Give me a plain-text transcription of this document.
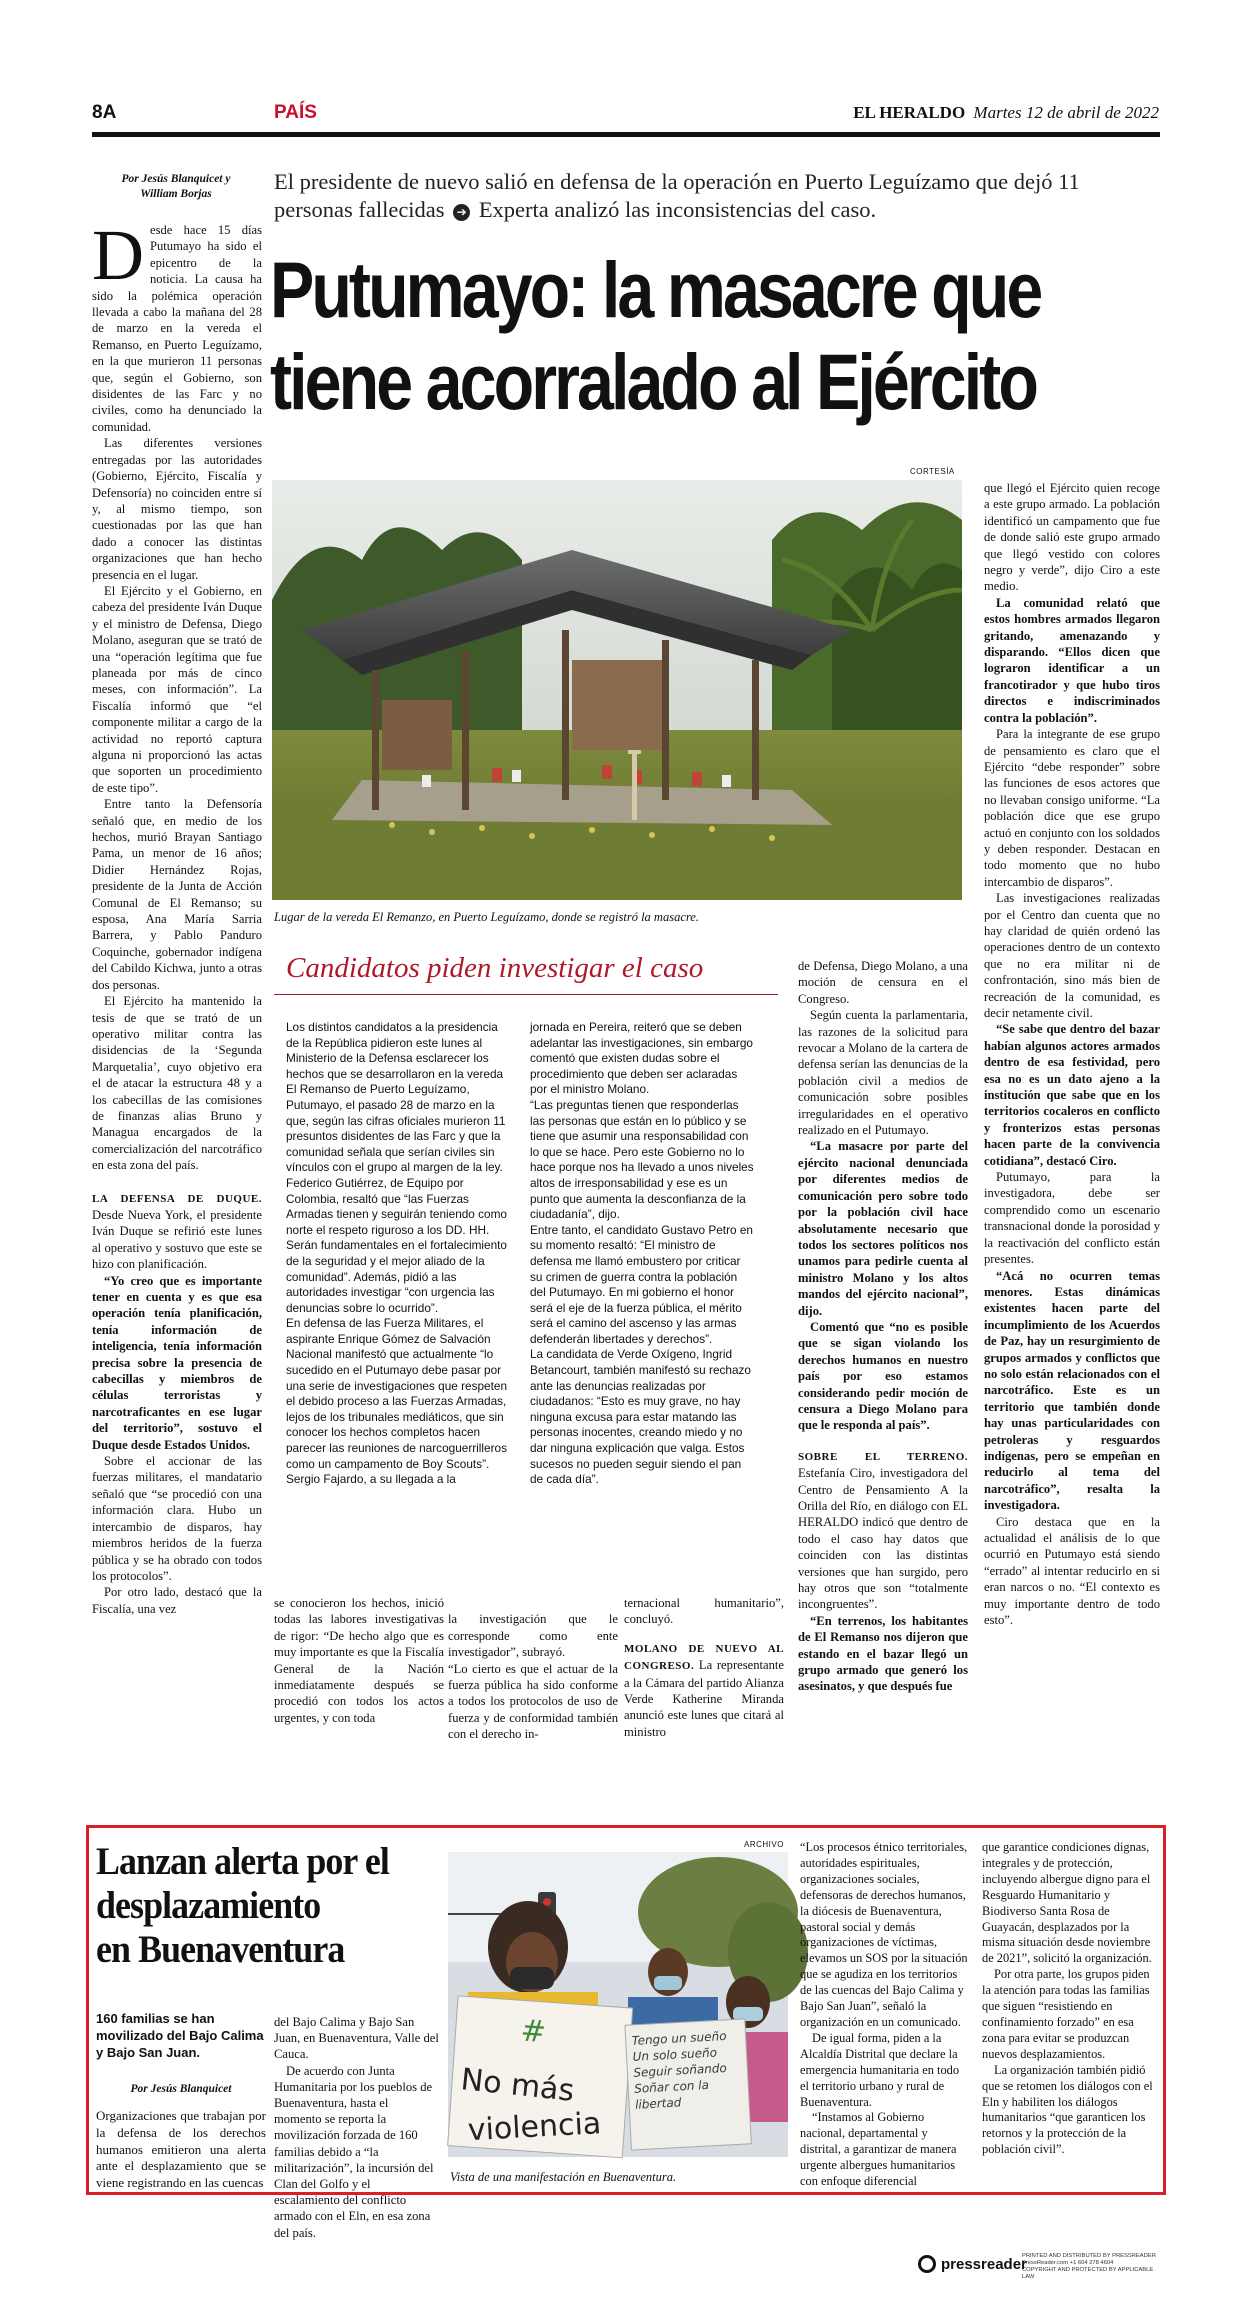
8A	PAÍS	EL HERALDO Martes 12 de abril de 2022
Por Jesús Blanquicet y
William Borjas

Desde hace 15 días Putumayo ha sido el epicentro de la noticia. La causa ha sido la polémica operación llevada a cabo la mañana del 28 de marzo en la vereda el Remanso, en Puerto Leguízamo, en la que murieron 11 personas que, según el Gobierno, son disidentes de las Farc y no civiles, como ha denunciado la comunidad.

Las diferentes versiones entregadas por las autoridades (Gobierno, Ejército, Fiscalía y Defensoría) no coinciden entre sí y, al mismo tiempo, son cuestionadas por las que han dado a conocer las distintas organizaciones que han hecho presencia en el lugar.

El Ejército y el Gobierno, en cabeza del presidente Iván Duque y el ministro de Defensa, Diego Molano, aseguran que se trató de una “operación legítima que fue planeada por más de cinco meses, con información”. La Fiscalía informó que “el componente militar a cargo de la actividad no reportó captura alguna ni proporcionó las actas que soporten un procedimiento de este tipo”.

Entre tanto la Defensoría señaló que, en medio de los hechos, murió Brayan Santiago Pama, un menor de 16 años; Didier Hernández Rojas, presidente de la Junta de Acción Comunal de El Remanso; su esposa, Ana María Sarria Barrera, y Pablo Panduro Coquinche, gobernador indígena del Cabildo Kichwa, junto a otras dos personas.

El Ejército ha mantenido la tesis de que se trató de un operativo militar contra las disidencias de la ‘Segunda Marquetalia’, cuyo objetivo era el de atacar la estructura 48 y a los cabecillas de las comisiones de finanzas alias Bruno y Managua encargados de la comercialización del narcotráfico en esta zona del país.

LA DEFENSA DE DUQUE. Desde Nueva York, el presidente Iván Duque se refirió este lunes al operativo y sostuvo que este se hizo con planificación.

“Yo creo que es importante tener en cuenta y es que esa operación tenía planificación, tenía información de inteligencia, tenía información precisa sobre la presencia de cabecillas y miembros de células terroristas y narcotraficantes en ese lugar del territorio”, sostuvo el Duque desde Estados Unidos.

Sobre el accionar de las fuerzas militares, el mandatario señaló que “se procedió con una información clara. Hubo un intercambio de disparos, hay miembros heridos de la fuerza pública y se ha obrado con todos los protocolos”.

Por otro lado, destacó que la Fiscalía, una vez

El presidente de nuevo salió en defensa de la operación en Puerto Leguízamo que dejó 11 personas fallecidas ➔ Experta analizó las inconsistencias del caso.
Putumayo: la masacre que
tiene acorralado al Ejército
CORTESÍA
Lugar de la vereda El Remanzo, en Puerto Leguízamo, donde se registró la masacre.
Candidatos piden investigar el caso

Los distintos candidatos a la presidencia de la República pidieron este lunes al Ministerio de la Defensa esclarecer los hechos que se desarrollaron en la vereda El Remanso de Puerto Leguízamo, Putumayo, el pasado 28 de marzo en la que, según las cifras oficiales murieron 11 presuntos disidentes de las Farc y que la comunidad señala que serían civiles sin vínculos con el grupo al margen de la ley.

Federico Gutiérrez, de Equipo por Colombia, resaltó que “las Fuerzas Armadas tienen y seguirán teniendo como norte el respeto riguroso a los DD. HH. Serán fundamentales en el fortalecimiento de la seguridad y el mejor aliado de la comunidad”. Además, pidió a las autoridades investigar “con urgencia las denuncias sobre lo ocurrido”.

En defensa de las Fuerza Militares, el aspirante Enrique Gómez de Salvación Nacional manifestó que actualmente “lo sucedido en el Putumayo debe pasar por una serie de investigaciones que respeten el debido proceso a las Fuerzas Armadas, lejos de los tribunales mediáticos, que sin conocer los hechos completos hacen parecer las reuniones de narcoguerrilleros como un campamento de Boy Scouts”.

Sergio Fajardo, a su llegada a la

jornada en Pereira, reiteró que se deben adelantar las investigaciones, sin embargo comentó que existen dudas sobre el procedimiento que deben ser aclaradas por el ministro Molano.

“Las preguntas tienen que responderlas las personas que están en lo público y se tiene que asumir una responsabilidad con lo que se hace. Pero este Gobierno no lo hace porque nos ha llevado a unos niveles altos de irresponsabilidad y ese es un punto que aumenta la desconfianza de la ciudadanía”, dijo.

Entre tanto, el candidato Gustavo Petro en su momento resaltó: “El ministro de defensa me llamó embustero por criticar su crimen de guerra contra la población del Putumayo. En mi gobierno el honor será el eje de la fuerza pública, el mérito será el camino del ascenso y las armas defenderán libertades y derechos”.

La candidata de Verde Oxígeno, Ingrid Betancourt, también manifestó su rechazo ante las denuncias realizadas por ciudadanos: “Esto es muy grave, no hay ninguna excusa para estar matando las personas inocentes, creando miedo y no dar ninguna explicación que valga. Estos sucesos no pueden seguir siendo el pan de cada día”.

se conocieron los hechos, inició todas las labores investigativas de rigor: “De hecho algo que es muy importante es que la Fiscalía General de la Nación inmediatamente después se procedió con todos los actos urgentes, y con toda

la investigación que le corresponde como ente investigador”, subrayó.
“Lo cierto es que el actuar de la fuerza pública ha sido conforme a todos los protocolos de uso de fuerza y de conformidad también con el derecho in-

ternacional humanitario”, concluyó.

MOLANO DE NUEVO AL CONGRESO. La representante a la Cámara del partido Alianza Verde Katherine Miranda anunció este lunes que citará al ministro

de Defensa, Diego Molano, a una moción de censura en el Congreso.

Según cuenta la parlamentaria, las razones de la solicitud para revocar a Molano de la cartera de defensa serían las denuncias de la población civil a medios de comunicación sobre posibles irregularidades en el operativo realizado en el Putumayo.

“La masacre por parte del ejército nacional denunciada por diferentes medios de comunicación pero sobre todo por la población civil hace absolutamente necesario que todos los sectores políticos nos unamos para pedirle cuenta al ministro Molano y los altos mandos del ejército nacional”, dijo.

Comentó que “no es posible que se sigan violando los derechos humanos en nuestro país por eso estamos considerando pedir moción de censura a Diego Molano para que le responda al país”.

SOBRE EL TERRENO. Estefanía Ciro, investigadora del Centro de Pensamiento A la Orilla del Río, en diálogo con EL HERALDO indicó que dentro de todo el caso hay datos que coinciden con las distintas versiones que han surgido, pero hay otros que son “totalmente incongruentes”.

“En terrenos, los habitantes de El Remanso nos dijeron que estando en el bazar llegó un grupo armado que generó los asesinatos, y que después fue

que llegó el Ejército quien recoge a este grupo armado. La población identificó un campamento que fue de donde salió este grupo armado que llegó vestido con colores negro y verde”, dijo Ciro a este medio.

La comunidad relató que estos hombres armados llegaron gritando, amenazando y disparando. “Ellos dicen que lograron identificar a un francotirador y que hubo tiros directos e indiscriminados contra la población”.

Para la integrante de ese grupo de pensamiento es claro que el Ejército “debe responder” sobre las funciones de esos actores que no llevaban consigo uniforme. “La población dice que ese grupo actuó en conjunto con los soldados y deben responder. Destacan en todo momento que no hubo intercambio de disparos”.

Las investigaciones realizadas por el Centro dan cuenta que no hay claridad de quién ordenó las operaciones dentro de un contexto que no era militar ni de confrontación, sino más bien de recreación de la comunidad, es decir netamente civil.

“Se sabe que dentro del bazar habían algunos actores armados dentro de esa festividad, pero esa no es un dato ajeno a la institución que sabe que en los territorios cocaleros en conflicto y fronterizos estas personas hacen parte de la convivencia cotidiana”, destacó Ciro.

Putumayo, para la investigadora, debe ser comprendido como un escenario transnacional donde la porosidad y la reactivación del conflicto están presentes.

“Acá no ocurren temas menores. Estas dinámicas existentes hacen parte del incumplimiento de los Acuerdos de Paz, hay un resurgimiento de grupos armados y conflictos que no solo están relacionados con el narcotráfico. Este es un territorio que también donde hay unas particularidades con petroleras y resguardos indígenas, pero se empeñan en reducirlo al tema del narcotráfico”, resalta la investigadora.

Ciro destaca que en la actualidad el análisis de lo que ocurrió en Putumayo está siendo “errado” al intentar reducirlo en si eran narcos o no. “El contexto es muy importante dentro de todo esto”.

Lanzan alerta por el
desplazamiento
en Buenaventura
160 familias se han movilizado del Bajo Calima y Bajo San Juan.
Por Jesús Blanquicet

Organizaciones que trabajan por la defensa de los derechos humanos emitieron una alerta ante el desplazamiento que se viene registrando en las cuencas

del Bajo Calima y Bajo San Juan, en Buenaventura, Valle del Cauca.

De acuerdo con Junta Humanitaria por los pueblos de Buenaventura, hasta el momento se reporta la movilización forzada de 160 familias debido a “la militarización”, la incursión del Clan del Golfo y el escalamiento del conflicto armado con el Eln, en esa zona del país.

ARCHIVO
#
No más
violencia
Tengo un sueño Un solo sueño Seguir soñando Soñar con la libertad
Vista de una manifestación en Buenaventura.

“Los procesos étnico territoriales, autoridades espirituales, organizaciones sociales, defensoras de derechos humanos, la diócesis de Buenaventura, pastoral social y demás organizaciones de víctimas, elevamos un SOS por la situación que se agudiza en los territorios de las cuencas del Bajo Calima y Bajo San Juan”, señaló la organización en un comunicado.

De igual forma, piden a la Alcaldía Distrital que declare la emergencia humanitaria en todo el territorio urbano y rural de Buenaventura.

“Instamos al Gobierno nacional, departamental y distrital, a garantizar de manera urgente albergues humanitarios con enfoque diferencial

que garantice condiciones dignas, integrales y de protección, incluyendo albergue digno para el Resguardo Humanitario y Biodiverso Santa Rosa de Guayacán, desplazados por la misma situación desde noviembre de 2021”, solicitó la organización.

Por otra parte, los grupos piden la atención para todas las familias que siguen “resistiendo en confinamiento forzado” en esa zona para evitar se produzcan nuevos desplazamientos.

La organización también pidió que se retomen los diálogos con el Eln y habiliten los diálogos humanitarios “que garanticen los retornos y la protección de la población civil”.

pressreader
PRINTED AND DISTRIBUTED BY PRESSREADER
PressReader.com +1 604 278 4604
COPYRIGHT AND PROTECTED BY APPLICABLE LAW
